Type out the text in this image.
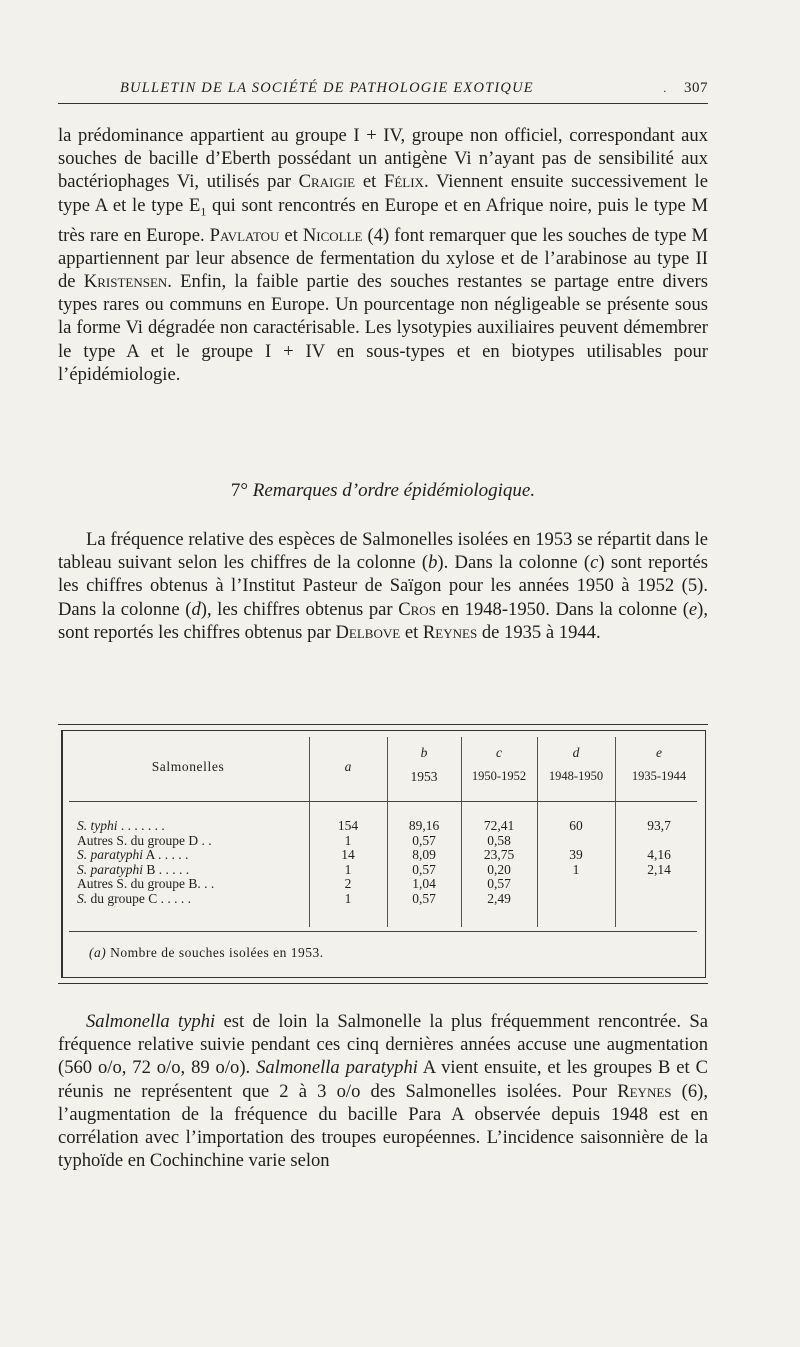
BULLETIN DE LA SOCIÉTÉ DE PATHOLOGIE EXOTIQUE	· 307

la prédominance appartient au groupe I + IV, groupe non officiel, correspondant aux souches de bacille d’Eberth possédant un antigène Vi n’ayant pas de sensibilité aux bactériophages Vi, utilisés par Craigie et Félix. Viennent ensuite successivement le type A et le type $E_1$ qui sont rencontrés en Europe et en Afrique noire, puis le type M très rare en Europe. Pavlatou et Nicolle (4) font remarquer que les souches de type M appartiennent par leur absence de fermentation du xylose et de l’arabinose au type II de Kristensen. Enfin, la faible partie des souches restantes se partage entre divers types rares ou communs en Europe. Un pourcentage non négligeable se présente sous la forme Vi dégradée non caractérisable. Les lysotypies auxiliaires peuvent démembrer le type A et le groupe I + IV en sous-types et en biotypes utilisables pour l’épidémiologie.

7° Remarques d’ordre épidémiologique.

La fréquence relative des espèces de Salmonelles isolées en 1953 se répartit dans le tableau suivant selon les chiffres de la colonne (b). Dans la colonne (c) sont reportés les chiffres obtenus à l’Institut Pasteur de Saïgon pour les années 1950 à 1952 (5). Dans la colonne (d), les chiffres obtenus par Cros en 1948-1950. Dans la colonne (e), sont reportés les chiffres obtenus par Delbove et Reynes de 1935 à 1944.

Salmonelles	a
b
1953
c
1950-1952
d
1948-1950
e
1935-1944
S. typhi . . . . . . .
Autres S. du groupe D . .
S. paratyphi A . . . . .
S. paratyphi B . . . . .
Autres S. du groupe B. . .
S. du groupe C . . . . .
154
1
14
1
2
1
89,16
0,57
8,09
0,57
1,04
0,57
72,41
0,58
23,75
0,20
0,57
2,49
60

39
1

93,7

4,16
2,14

(a) Nombre de souches isolées en 1953.

Salmonella typhi est de loin la Salmonelle la plus fréquemment rencontrée. Sa fréquence relative suivie pendant ces cinq dernières années accuse une augmentation (560 o/o, 72 o/o, 89 o/o). Salmonella paratyphi A vient ensuite, et les groupes B et C réunis ne représentent que 2 à 3 o/o des Salmonelles isolées. Pour Reynes (6), l’augmentation de la fréquence du bacille Para A observée depuis 1948 est en corrélation avec l’importation des troupes européennes. L’incidence saisonnière de la typhoïde en Cochinchine varie selon
